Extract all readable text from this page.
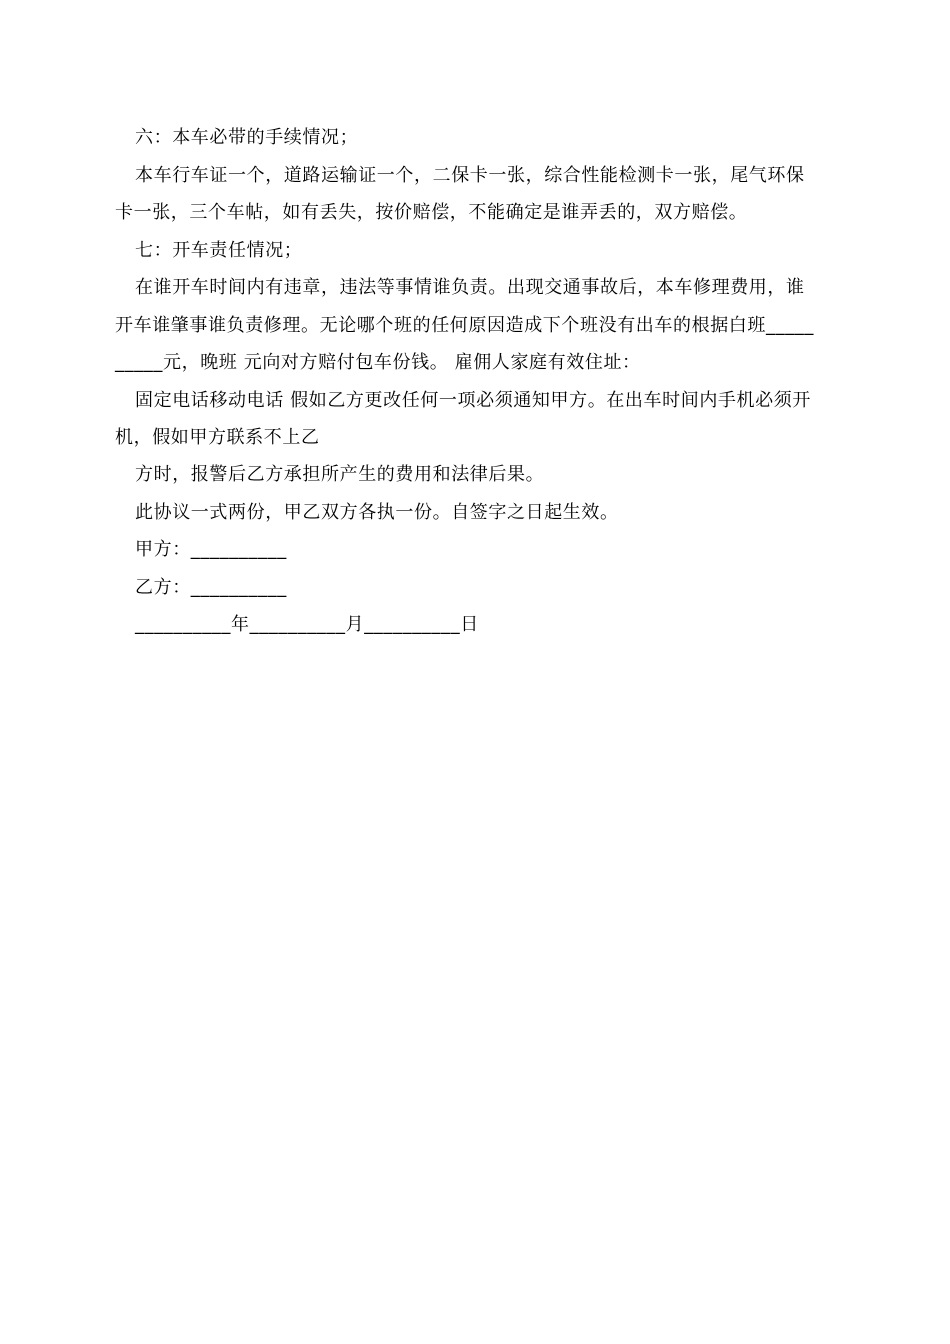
六：本车必带的手续情况；
本车行车证一个，道路运输证一个，二保卡一张，综合性能检测卡一张，尾气环保
卡一张，三个车帖，如有丢失，按价赔偿，不能确定是谁弄丢的，双方赔偿。
七：开车责任情况；
在谁开车时间内有违章，违法等事情谁负责。出现交通事故后，本车修理费用，谁
开车谁肇事谁负责修理。无论哪个班的任何原因造成下个班没有出车的根据白班_____
_____元，晚班 元向对方赔付包车份钱。 雇佣人家庭有效住址：
固定电话移动电话 假如乙方更改任何一项必须通知甲方。在出车时间内手机必须开
机，假如甲方联系不上乙
方时，报警后乙方承担所产生的费用和法律后果。
此协议一式两份，甲乙双方各执一份。自签字之日起生效。
甲方：__________
乙方：__________
__________年__________月__________日
